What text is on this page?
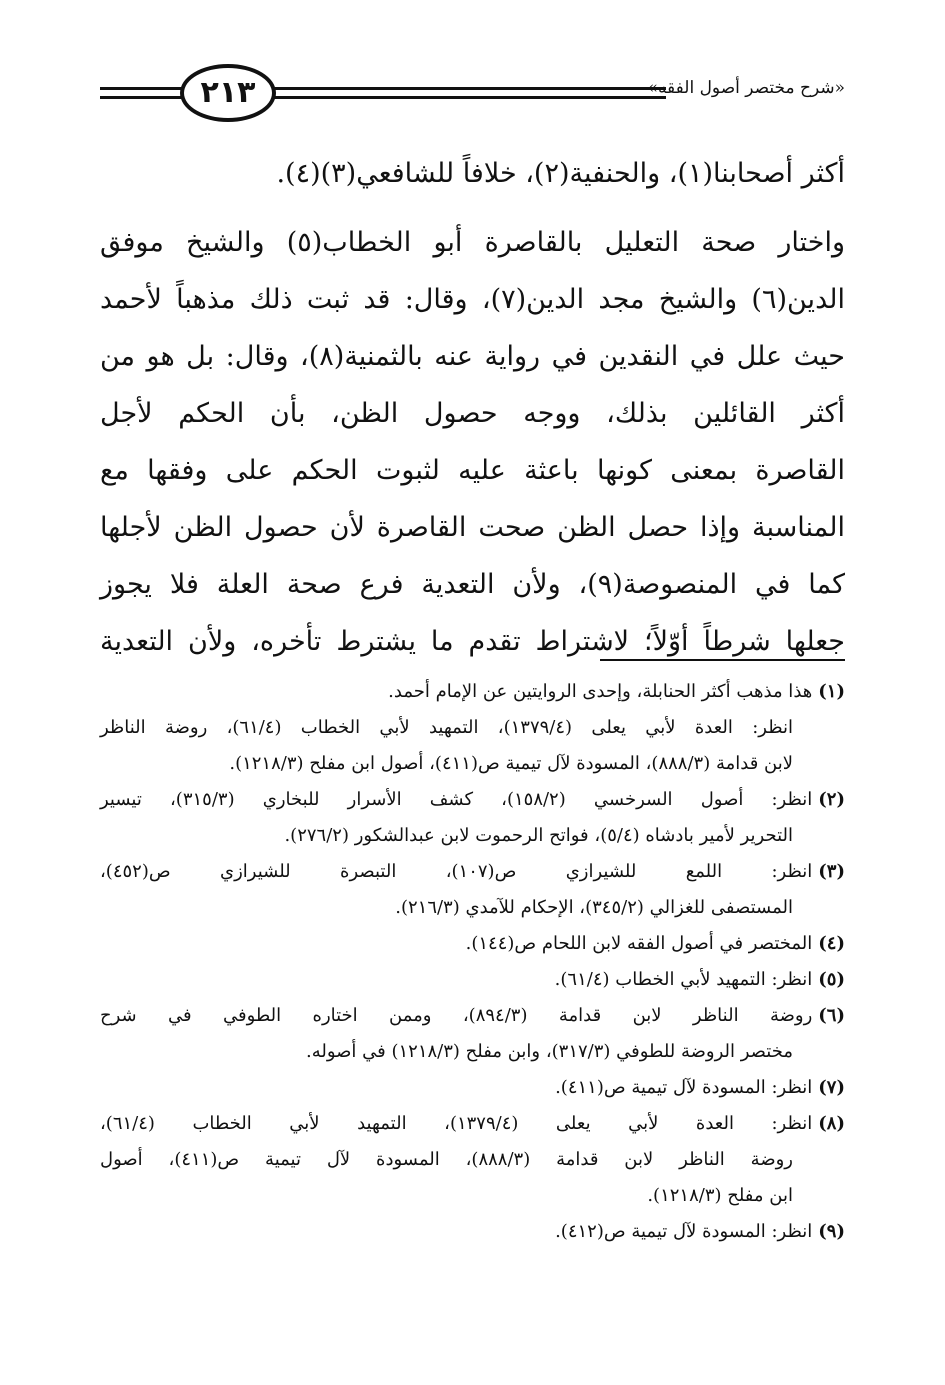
٢١٣	«شرح مختصر أصول الفقه»
أكثر أصحابنا(١)، والحنفية(٢)، خلافاً للشافعي(٣)(٤).
واختار صحة التعليل بالقاصرة أبو الخطاب(٥) والشيخ موفق
الدين(٦) والشيخ مجد الدين(٧)، وقال: قد ثبت ذلك مذهباً لأحمد
حيث علل في النقدين في رواية عنه بالثمنية(٨)، وقال: بل هو من
أكثر القائلين بذلك، ووجه حصول الظن، بأن الحكم لأجل
القاصرة بمعنى كونها باعثة عليه لثبوت الحكم على وفقها مع
المناسبة وإذا حصل الظن صحت القاصرة لأن حصول الظن لأجلها
كما في المنصوصة(٩)، ولأن التعدية فرع صحة العلة فلا يجوز
جعلها شرطاً أوّلاً؛ لاشتراط تقدم ما يشترط تأخره، ولأن التعدية
(١)هذا مذهب أكثر الحنابلة، وإحدى الروايتين عن الإمام أحمد.
انظر: العدة لأبي يعلى (١٣٧٩/٤)، التمهيد لأبي الخطاب (٦١/٤)، روضة الناظر
لابن قدامة (٨٨٨/٣)، المسودة لآل تيمية ص(٤١١)، أصول ابن مفلح (١٢١٨/٣).
(٢)انظر: أصول السرخسي (١٥٨/٢)، كشف الأسرار للبخاري (٣١٥/٣)، تيسير
التحرير لأمير بادشاه (٥/٤)، فواتح الرحموت لابن عبدالشكور (٢٧٦/٢).
(٣)انظر: اللمع للشيرازي ص(١٠٧)، التبصرة للشيرازي ص(٤٥٢)،
المستصفى للغزالي (٣٤٥/٢)، الإحكام للآمدي (٢١٦/٣).
(٤)المختصر في أصول الفقه لابن اللحام ص(١٤٤).
(٥)انظر: التمهيد لأبي الخطاب (٦١/٤).
(٦)روضة الناظر لابن قدامة (٨٩٤/٣)، وممن اختاره الطوفي في شرح
مختصر الروضة للطوفي (٣١٧/٣)، وابن مفلح (١٢١٨/٣) في أصوله.
(٧)انظر: المسودة لآل تيمية ص(٤١١).
(٨)انظر: العدة لأبي يعلى (١٣٧٩/٤)، التمهيد لأبي الخطاب (٦١/٤)،
روضة الناظر لابن قدامة (٨٨٨/٣)، المسودة لآل تيمية ص(٤١١)، أصول
ابن مفلح (١٢١٨/٣).
(٩)انظر: المسودة لآل تيمية ص(٤١٢).
